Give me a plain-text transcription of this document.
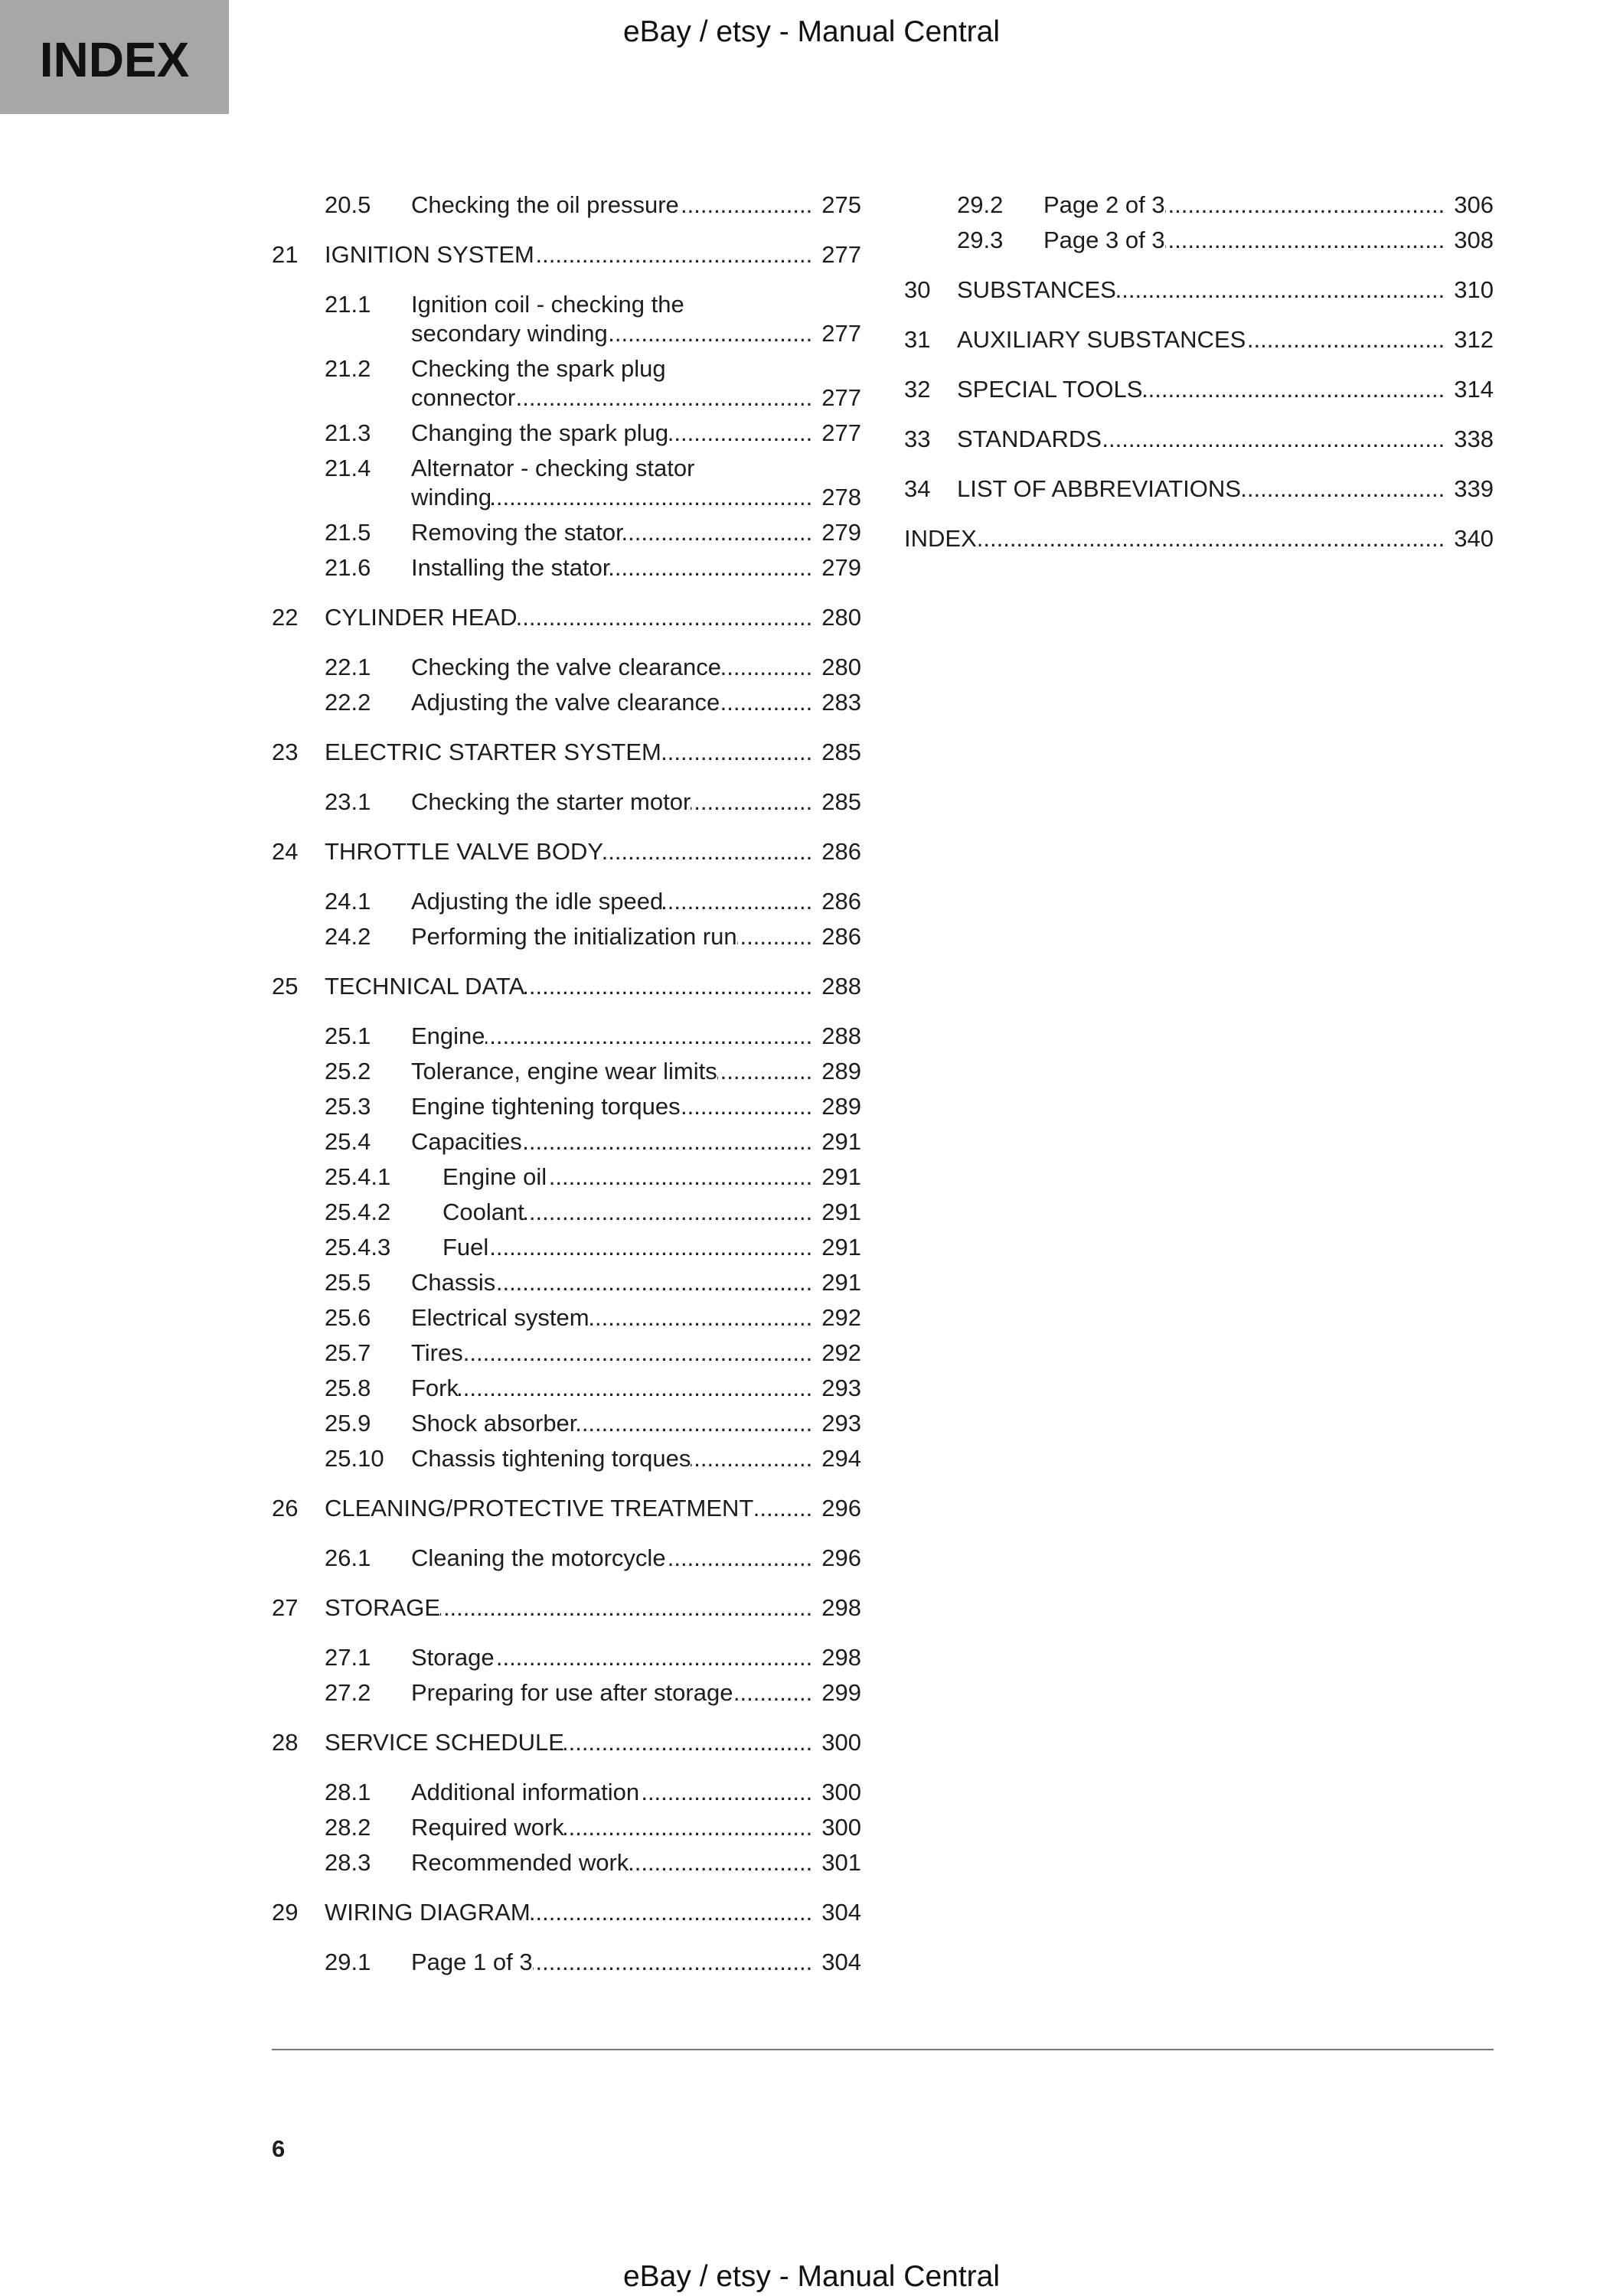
INDEX
eBay / etsy - Manual Central
20.5	Checking the oil pressure .....	275
21	IGNITION SYSTEM .....	277
21.1	Ignition coil - checking the
secondary winding .....	277
21.2	Checking the spark plug
connector .....	277
21.3	Changing the spark plug .....	277
21.4	Alternator - checking stator
winding .....	278
21.5	Removing the stator .....	279
21.6	Installing the stator .....	279
22	CYLINDER HEAD .....	280
22.1	Checking the valve clearance .....	280
22.2	Adjusting the valve clearance .....	283
23	ELECTRIC STARTER SYSTEM .....	285
23.1	Checking the starter motor .....	285
24	THROTTLE VALVE BODY .....	286
24.1	Adjusting the idle speed .....	286
24.2	Performing the initialization run .....	286
25	TECHNICAL DATA .....	288
25.1	Engine .....	288
25.2	Tolerance, engine wear limits .....	289
25.3	Engine tightening torques .....	289
25.4	Capacities .....	291
25.4.1	Engine oil .....	291
25.4.2	Coolant .....	291
25.4.3	Fuel .....	291
25.5	Chassis .....	291
25.6	Electrical system .....	292
25.7	Tires .....	292
25.8	Fork .....	293
25.9	Shock absorber .....	293
25.10	Chassis tightening torques .....	294
26	CLEANING/PROTECTIVE TREATMENT .....	296
26.1	Cleaning the motorcycle .....	296
27	STORAGE .....	298
27.1	Storage .....	298
27.2	Preparing for use after storage .....	299
28	SERVICE SCHEDULE .....	300
28.1	Additional information .....	300
28.2	Required work .....	300
28.3	Recommended work .....	301
29	WIRING DIAGRAM .....	304
29.1	Page 1 of 3 .....	304
29.2	Page 2 of 3 .....	306
29.3	Page 3 of 3 .....	308
30	SUBSTANCES .....	310
31	AUXILIARY SUBSTANCES .....	312
32	SPECIAL TOOLS .....	314
33	STANDARDS .....	338
34	LIST OF ABBREVIATIONS .....	339
INDEX .....	340
6
eBay / etsy - Manual Central
